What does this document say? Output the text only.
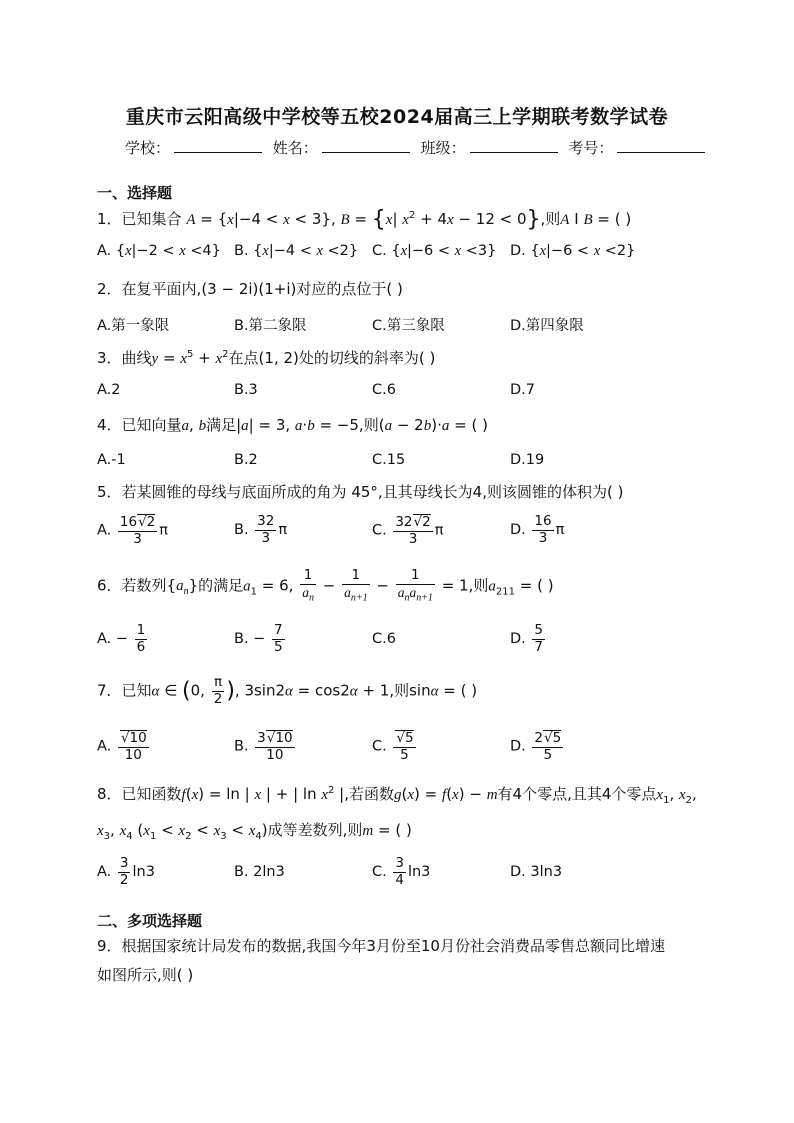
重庆市云阳高级中学校等五校2024届高三上学期联考数学试卷
学校：	姓名：	班级：	考号：
一、选择题
1．已知集合 A = {x|−4 < x < 3}, B = {x| $x^2 + 4x - 12 < 0$},则A I B = ( )
A. {x|−2 < x <4} B. {x|−4 < x <2} C. {x|−6 < x <3} D. {x|−6 < x <2}
2．在复平面内,(3 − 2i)(1+i)对应的点位于( )
A.第一象限	B.第二象限	C.第三象限	D.第四象限
3．曲线$y = x^5 + x^2$在点(1, 2)处的切线的斜率为( )
A.2	B.3	C.6	D.7
4．已知向量a, b满足|a| = 3, a·b = −5,则(a − 2b)·a = ( )
A.-1	B.2	C.15	D.19
5．若某圆锥的母线与底面所成的角为 45°,且其母线长为4,则该圆锥的体积为( )
A. $\frac{16√2}{3}$ π	B. $\frac{32}{3}$ π	C. $\frac{32√2}{3}$ π	D. $\frac{16}{3}$ π
6．若数列$\{a_n\}$的满足$a_1 = 6$, $\frac{1}{a_n} - \frac{1}{a_{n+1}} - \frac{1}{a_na_{n+1}} = 1$,则$a_{211}$ = ( )
A. − $\frac{1}{6}$	B. − $\frac{7}{5}$	C.6	D. $\frac{5}{7}$
7．已知α ∈ (0, $\frac{\pi}{2}$ ), 3sin2α = cos2α + 1,则sinα = ( )
A. $\frac{√10}{10}$	B. $\frac{3√10}{10}$	C. $\frac{√5}{5}$	D. $\frac{2√5}{5}$
8．已知函数f(x) = ln | x | + | $\ln x^2$ |,若函数g(x) = f(x) − m有4个零点,且其4个零点$x_1$, $x_2$,
$x_3$, $x_4$ $(x_1 < x_2 < x_3 < x_4)$成等差数列,则m = ( )
A. $\frac{3}{2} \ln 3$	B. 2ln3	C. $\frac{3}{4} \ln 3$	D. 3ln3
二、多项选择题
9．根据国家统计局发布的数据,我国今年3月份至10月份社会消费品零售总额同比增速
如图所示,则( )
